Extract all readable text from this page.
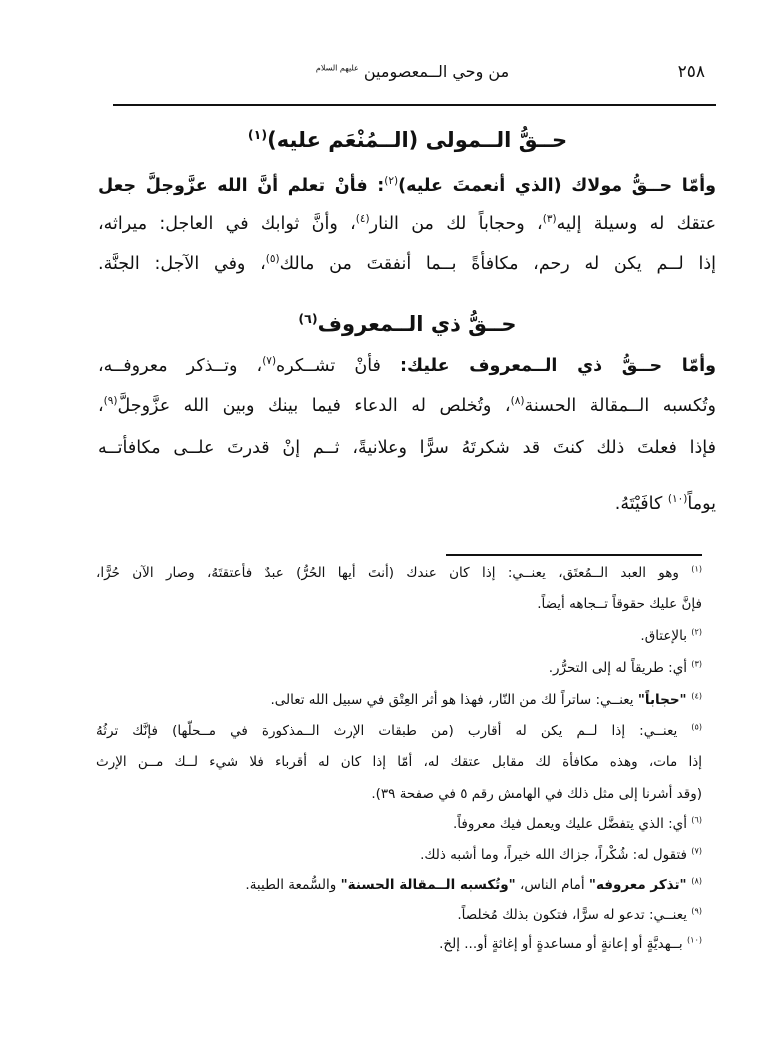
٢٥٨
من وحي الــمعصومين $^{عليهم السلام}$
حــقُّ الــمولى (الــمُنْعَم عليه)$^{(١)}$
وأمّا حــقُّ مولاك (الذي أنعمتَ عليه)$^{(٢)}$: فأنْ تعلم أنَّ الله عزَّوجلَّ جعل
عتقك له وسيلة إليه$^{(٣)}$، وحجاباً لك من النار$^{(٤)}$، وأنَّ ثوابك في العاجل: ميراثه،
إذا لــم يكن له رحم، مكافأةً بــما أنفقتَ من مالك$^{(٥)}$، وفي الآجل: الجنَّة.
حــقُّ ذي الــمعروف$^{(٦)}$
وأمّا حــقُّ ذي الــمعروف عليك: فأنْ تشــكره$^{(٧)}$، وتــذكر معروفــه،
وتُكسبه الــمقالة الحسنة$^{(٨)}$، وتُخلص له الدعاء فيما بينك وبين الله عزَّوجلَّ$^{(٩)}$،
فإذا فعلتَ ذلك كنتَ قد شكرتَهُ سرًّا وعلانيةً، ثــم إنْ قدرتَ علــى مكافأتــه
يوماً$^{(١٠)}$ كافَيْتَهُ.
$^{(١)}$ وهو العبد الــمُعتَق، يعنــي: إذا كان عندك (أنتَ أيها الحُرُّ) عبدٌ فأعتقتَهُ، وصار الآن حُرًّا،
فإنَّ عليك حقوقاً تــجاهه أيضاً.
$^{(٢)}$ بالإعتاق.
$^{(٣)}$ أي: طريقاً له إلى التحرُّر.
$^{(٤)}$ "حجاباً" يعنــي: ساتراً لك من النّار، فهذا هو أثر العِتْق في سبيل الله تعالى.
$^{(٥)}$ يعنــي: إذا لــم يكن له أقارب (من طبقات الإرث الــمذكورة في مــحلّها) فإنَّك ترثُهُ
إذا مات، وهذه مكافأة لك مقابل عتقك له، أمّا إذا كان له أقرباء فلا شيء لــك مــن الإرث
(وقد أشرنا إلى مثل ذلك في الهامش رقم ٥ في صفحة ٣٩).
$^{(٦)}$ أي: الذي يتفضَّل عليك ويعمل فيك معروفاً.
$^{(٧)}$ فتقول له: شُكْراً، جزاك الله خيراً، وما أشبه ذلك.
$^{(٨)}$ "تذكر معروفه" أمام الناس، "وتُكسبه الــمقالة الحسنة" والسُّمعة الطيبة.
$^{(٩)}$ يعنــي: تدعو له سرًّا، فتكون بذلك مُخلصاً.
$^{(١٠)}$ بــهديَّةٍ أو إعانةٍ أو مساعدةٍ أو إغاثةٍ أو... إلخ.
